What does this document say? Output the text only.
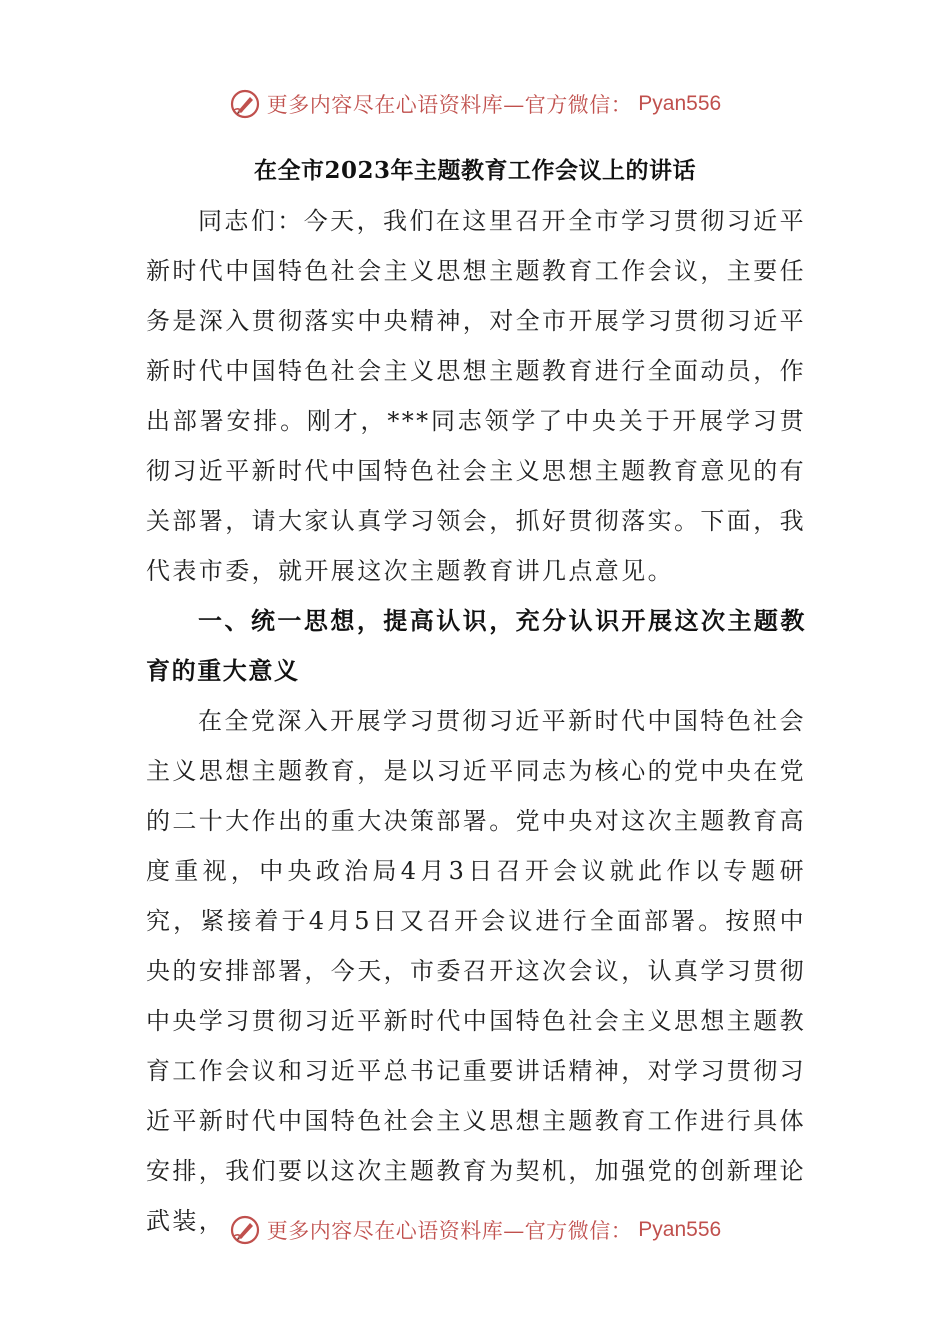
更多内容尽在心语资料库—官方微信： Pyan556
在全市2023年主题教育工作会议上的讲话

同志们：今天，我们在这里召开全市学习贯彻习近平新时代中国特色社会主义思想主题教育工作会议，主要任务是深入贯彻落实中央精神，对全市开展学习贯彻习近平新时代中国特色社会主义思想主题教育进行全面动员，作出部署安排。刚才，***同志领学了中央关于开展学习贯彻习近平新时代中国特色社会主义思想主题教育意见的有关部署，请大家认真学习领会，抓好贯彻落实。下面，我代表市委，就开展这次主题教育讲几点意见。

一、统一思想，提高认识，充分认识开展这次主题教育的重大意义

在全党深入开展学习贯彻习近平新时代中国特色社会主义思想主题教育，是以习近平同志为核心的党中央在党的二十大作出的重大决策部署。党中央对这次主题教育高度重视，中央政治局4月3日召开会议就此作以专题研究，紧接着于4月5日又召开会议进行全面部署。按照中央的安排部署，今天，市委召开这次会议，认真学习贯彻中央学习贯彻习近平新时代中国特色社会主义思想主题教育工作会议和习近平总书记重要讲话精神，对学习贯彻习近平新时代中国特色社会主义思想主题教育工作进行具体安排，我们要以这次主题教育为契机，加强党的创新理论武装，	更多内容尽在心语资料库—官方微信： Pyan556
